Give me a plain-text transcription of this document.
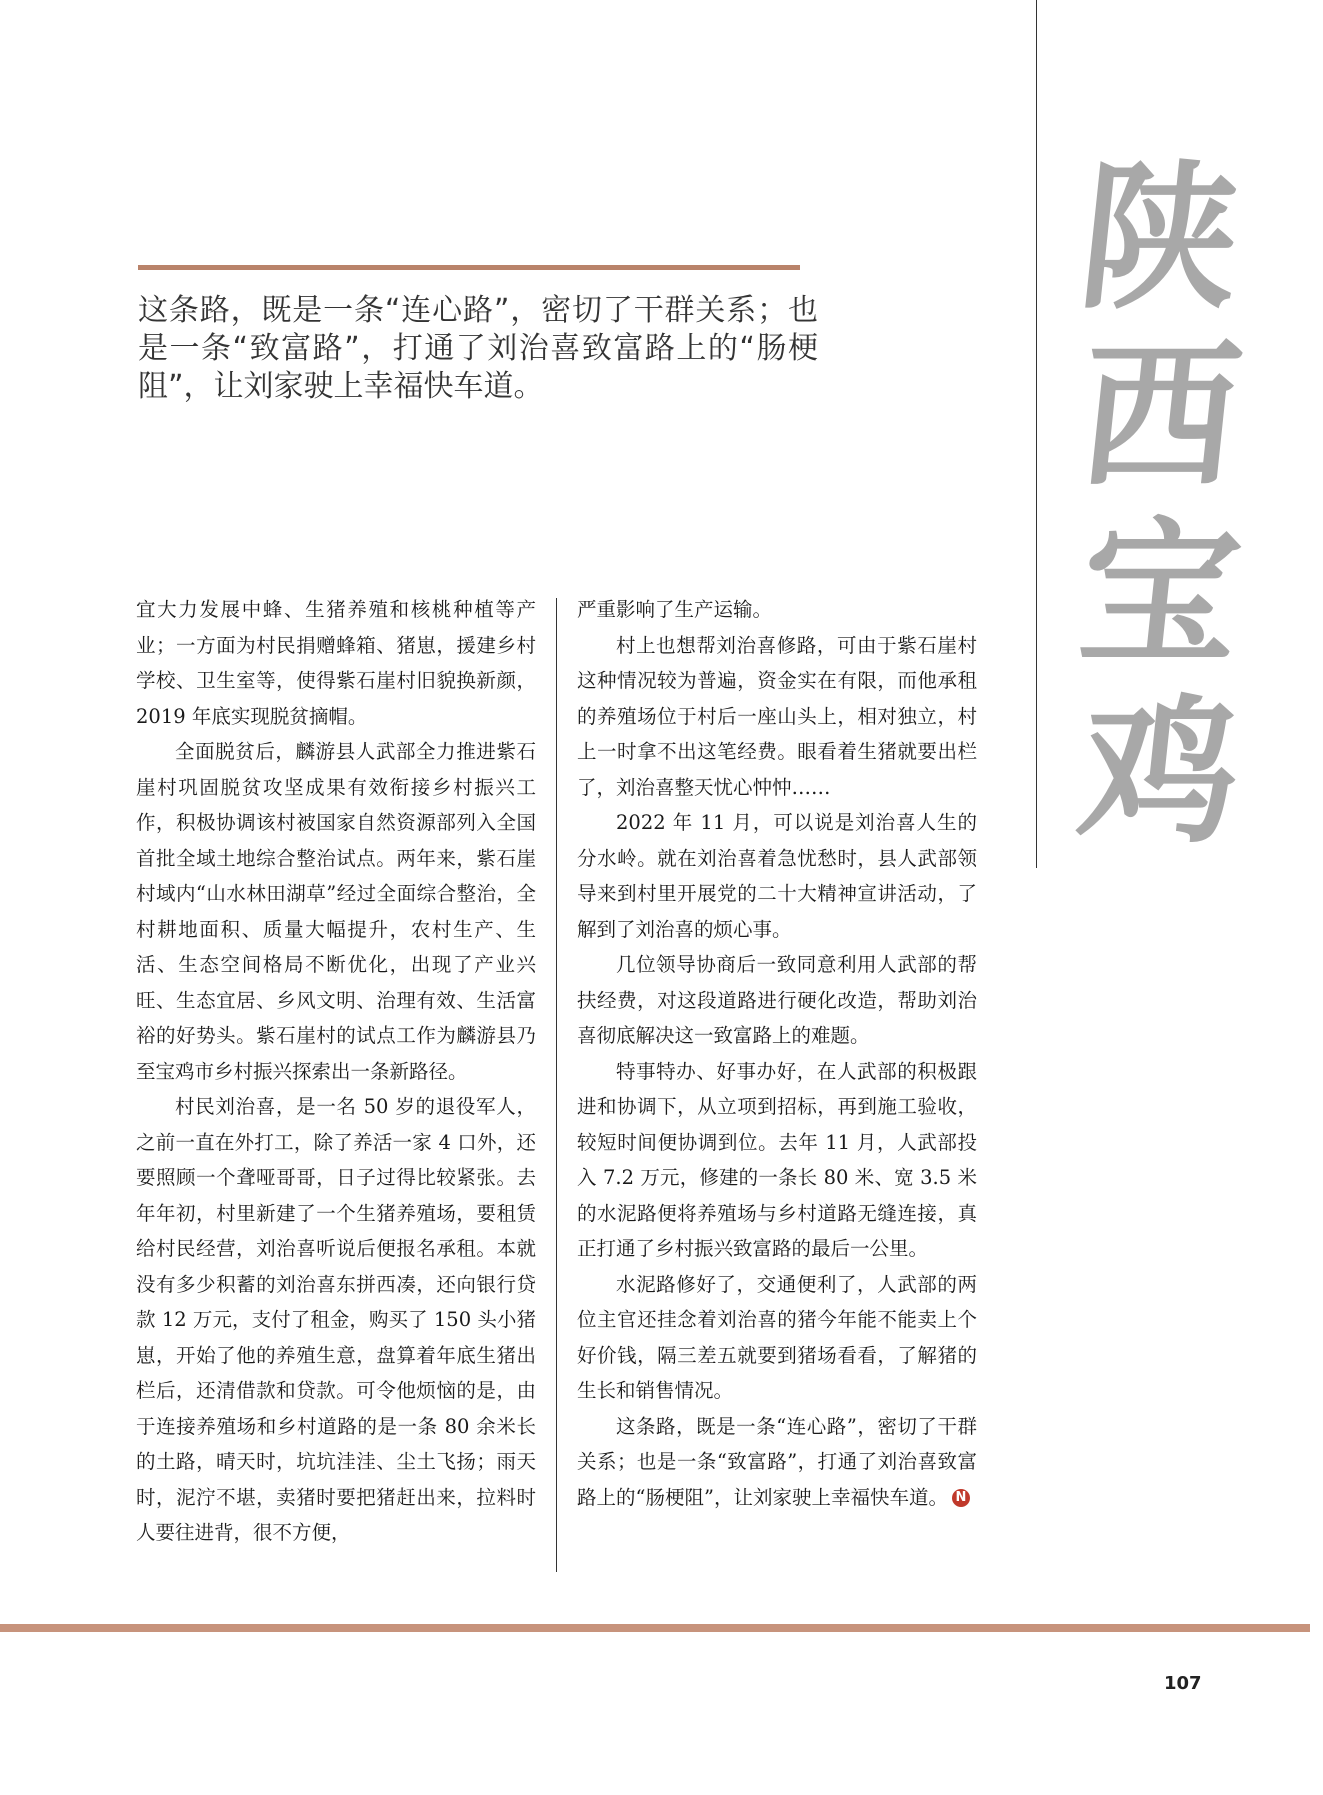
陕
西
宝
鸡

这条路，既是一条“连心路”，密切了干群关系；也是一条“致富路”，打通了刘治喜致富路上的“肠梗阻”，让刘家驶上幸福快车道。

宜大力发展中蜂、生猪养殖和核桃种植等产业；一方面为村民捐赠蜂箱、猪崽，援建乡村学校、卫生室等，使得紫石崖村旧貌换新颜，2019 年底实现脱贫摘帽。

全面脱贫后，麟游县人武部全力推进紫石崖村巩固脱贫攻坚成果有效衔接乡村振兴工作，积极协调该村被国家自然资源部列入全国首批全域土地综合整治试点。两年来，紫石崖村域内“山水林田湖草”经过全面综合整治，全村耕地面积、质量大幅提升，农村生产、生活、生态空间格局不断优化，出现了产业兴旺、生态宜居、乡风文明、治理有效、生活富裕的好势头。紫石崖村的试点工作为麟游县乃至宝鸡市乡村振兴探索出一条新路径。

村民刘治喜，是一名 50 岁的退役军人，之前一直在外打工，除了养活一家 4 口外，还要照顾一个聋哑哥哥，日子过得比较紧张。去年年初，村里新建了一个生猪养殖场，要租赁给村民经营，刘治喜听说后便报名承租。本就没有多少积蓄的刘治喜东拼西凑，还向银行贷款 12 万元，支付了租金，购买了 150 头小猪崽，开始了他的养殖生意，盘算着年底生猪出栏后，还清借款和贷款。可令他烦恼的是，由于连接养殖场和乡村道路的是一条 80 余米长的土路，晴天时，坑坑洼洼、尘土飞扬；雨天时，泥泞不堪，卖猪时要把猪赶出来，拉料时人要往进背，很不方便，

严重影响了生产运输。

村上也想帮刘治喜修路，可由于紫石崖村这种情况较为普遍，资金实在有限，而他承租的养殖场位于村后一座山头上，相对独立，村上一时拿不出这笔经费。眼看着生猪就要出栏了，刘治喜整天忧心忡忡……

2022 年 11 月，可以说是刘治喜人生的分水岭。就在刘治喜着急忧愁时，县人武部领导来到村里开展党的二十大精神宣讲活动，了解到了刘治喜的烦心事。

几位领导协商后一致同意利用人武部的帮扶经费，对这段道路进行硬化改造，帮助刘治喜彻底解决这一致富路上的难题。

特事特办、好事办好，在人武部的积极跟进和协调下，从立项到招标，再到施工验收，较短时间便协调到位。去年 11 月，人武部投入 7.2 万元，修建的一条长 80 米、宽 3.5 米的水泥路便将养殖场与乡村道路无缝连接，真正打通了乡村振兴致富路的最后一公里。

水泥路修好了，交通便利了，人武部的两位主官还挂念着刘治喜的猪今年能不能卖上个好价钱，隔三差五就要到猪场看看，了解猪的生长和销售情况。

这条路，既是一条“连心路”，密切了干群关系；也是一条“致富路”，打通了刘治喜致富路上的“肠梗阻”，让刘家驶上幸福快车道。 N

107
